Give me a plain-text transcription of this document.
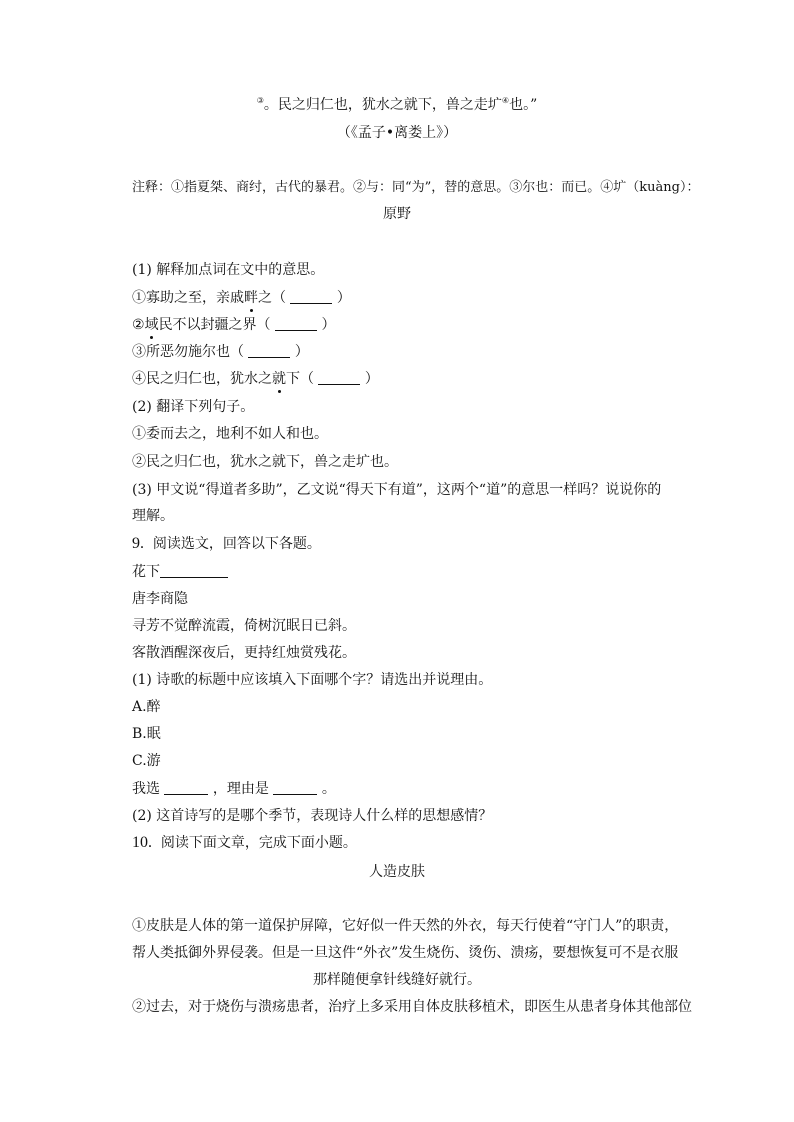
③。民之归仁也，犹水之就下，兽之走圹④也。”
（《孟子•离娄上》）
注释：①指夏桀、商纣，古代的暴君。②与：同“为”，替的意思。③尔也：而已。④圹（kuàng）：
原野
(1) 解释加点词在文中的意思。
①寡助之至，亲戚畔之（	）
②域民不以封疆之界（	）
③所恶勿施尔也（	）
④民之归仁也，犹水之就下（	）
(2) 翻译下列句子。
①委而去之，地利不如人和也。
②民之归仁也，犹水之就下，兽之走圹也。
(3) 甲文说“得道者多助”，乙文说“得天下有道”，这两个“道”的意思一样吗？说说你的
理解。
9. 阅读选文，回答以下各题。
花下
唐李商隐
寻芳不觉醉流霞，倚树沉眠日已斜。
客散酒醒深夜后，更持红烛赏残花。
(1) 诗歌的标题中应该填入下面哪个字？请选出并说理由。
A.醉
B.眠
C.游
我选	，理由是	。
(2) 这首诗写的是哪个季节，表现诗人什么样的思想感情？
10. 阅读下面文章，完成下面小题。
人造皮肤
①皮肤是人体的第一道保护屏障，它好似一件天然的外衣，每天行使着“守门人”的职责，
帮人类抵御外界侵袭。但是一旦这件“外衣”发生烧伤、烫伤、溃疡，要想恢复可不是衣服
那样随便拿针线缝好就行。
②过去，对于烧伤与溃疡患者，治疗上多采用自体皮肤移植术，即医生从患者身体其他部位
